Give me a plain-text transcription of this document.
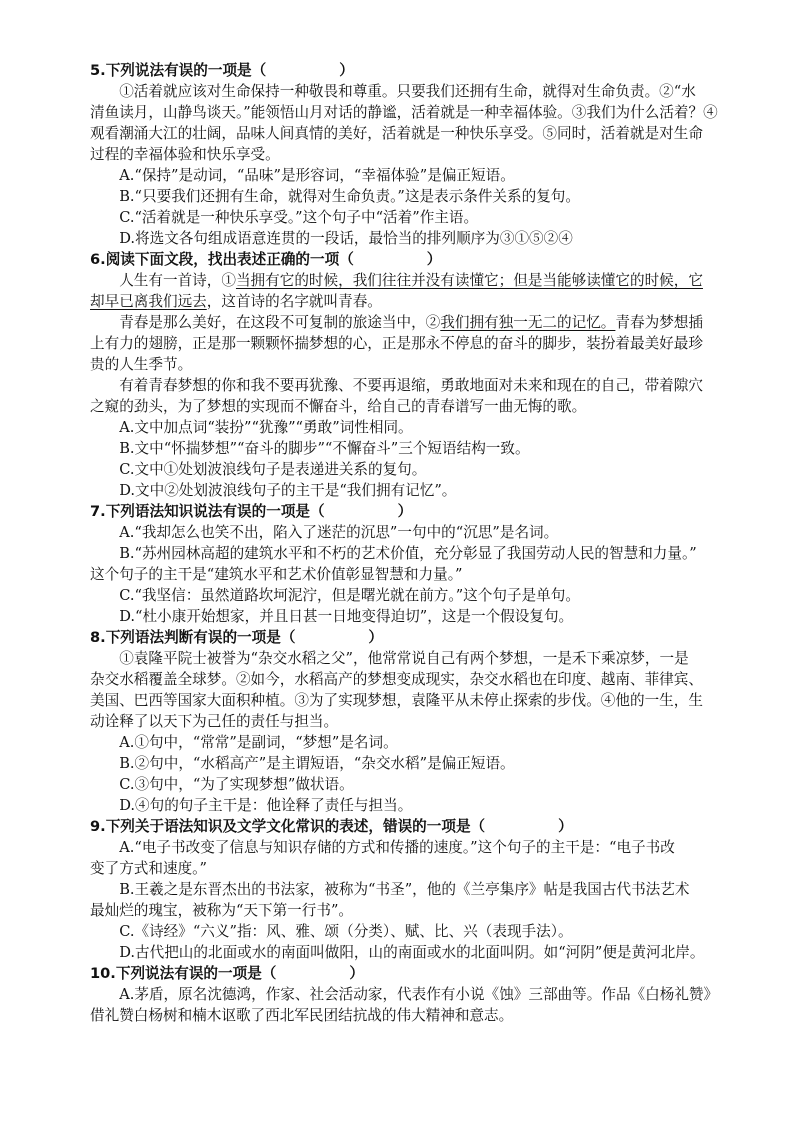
5.下列说法有误的一项是（　　　　　）
　　①活着就应该对生命保持一种敬畏和尊重。只要我们还拥有生命，就得对生命负责。②“水
清鱼读月，山静鸟谈天。”能领悟山月对话的静谧，活着就是一种幸福体验。③我们为什么活着？④
观看潮涌大江的壮阔，品味人间真情的美好，活着就是一种快乐享受。⑤同时，活着就是对生命
过程的幸福体验和快乐享受。
　　A.“保持”是动词，“品味”是形容词，“幸福体验”是偏正短语。
　　B.“只要我们还拥有生命，就得对生命负责。”这是表示条件关系的复句。
　　C.“活着就是一种快乐享受。”这个句子中“活着”作主语。
　　D.将选文各句组成语意连贯的一段话，最恰当的排列顺序为③①⑤②④
6.阅读下面文段，找出表述正确的一项（　　　　　）
　　人生有一首诗，①当拥有它的时候，我们往往并没有读懂它；但是当能够读懂它的时候，它
却早已离我们远去，这首诗的名字就叫青春。
　　青春是那么美好，在这段不可复制的旅途当中，②我们拥有独一无二的记忆。青春为梦想插
上有力的翅膀，正是那一颗颗怀揣梦想的心，正是那永不停息的奋斗的脚步，装扮着最美好最珍
贵的人生季节。
　　有着青春梦想的你和我不要再犹豫、不要再退缩，勇敢地面对未来和现在的自己，带着隙穴
之窥的劲头，为了梦想的实现而不懈奋斗，给自己的青春谱写一曲无悔的歌。
　　A.文中加点词“装扮”“犹豫”“勇敢”词性相同。
　　B.文中“怀揣梦想”“奋斗的脚步”“不懈奋斗”三个短语结构一致。
　　C.文中①处划波浪线句子是表递进关系的复句。
　　D.文中②处划波浪线句子的主干是“我们拥有记忆”。
7.下列语法知识说法有误的一项是（　　　　　）
　　A.“我却怎么也笑不出，陷入了迷茫的沉思”一句中的“沉思”是名词。
　　B.“苏州园林高超的建筑水平和不朽的艺术价值，充分彰显了我国劳动人民的智慧和力量。”
这个句子的主干是“建筑水平和艺术价值彰显智慧和力量。”
　　C.“我坚信：虽然道路坎坷泥泞，但是曙光就在前方。”这个句子是单句。
　　D.“杜小康开始想家，并且日甚一日地变得迫切”，这是一个假设复句。
8.下列语法判断有误的一项是（　　　　　）
　　①袁隆平院士被誉为“杂交水稻之父”，他常常说自己有两个梦想，一是禾下乘凉梦，一是
杂交水稻覆盖全球梦。②如今，水稻高产的梦想变成现实，杂交水稻也在印度、越南、菲律宾、
美国、巴西等国家大面积种植。③为了实现梦想，袁隆平从未停止探索的步伐。④他的一生，生
动诠释了以天下为己任的责任与担当。
　　A.①句中，“常常”是副词，“梦想”是名词。
　　B.②句中，“水稻高产”是主谓短语，“杂交水稻”是偏正短语。
　　C.③句中，“为了实现梦想”做状语。
　　D.④句的句子主干是：他诠释了责任与担当。
9.下列关于语法知识及文学文化常识的表述，错误的一项是（　　　　　）
　　A.“电子书改变了信息与知识存储的方式和传播的速度。”这个句子的主干是：“电子书改
变了方式和速度。”
　　B.王羲之是东晋杰出的书法家，被称为“书圣”，他的《兰亭集序》帖是我国古代书法艺术
最灿烂的瑰宝，被称为“天下第一行书”。
　　C.《诗经》“六义”指：风、雅、颂（分类）、赋、比、兴（表现手法）。
　　D.古代把山的北面或水的南面叫做阳，山的南面或水的北面叫阴。如“河阴”便是黄河北岸。
10.下列说法有误的一项是（　　　　　）
　　A.茅盾，原名沈德鸿，作家、社会活动家，代表作有小说《蚀》三部曲等。作品《白杨礼赞》
借礼赞白杨树和楠木讴歌了西北军民团结抗战的伟大精神和意志。
